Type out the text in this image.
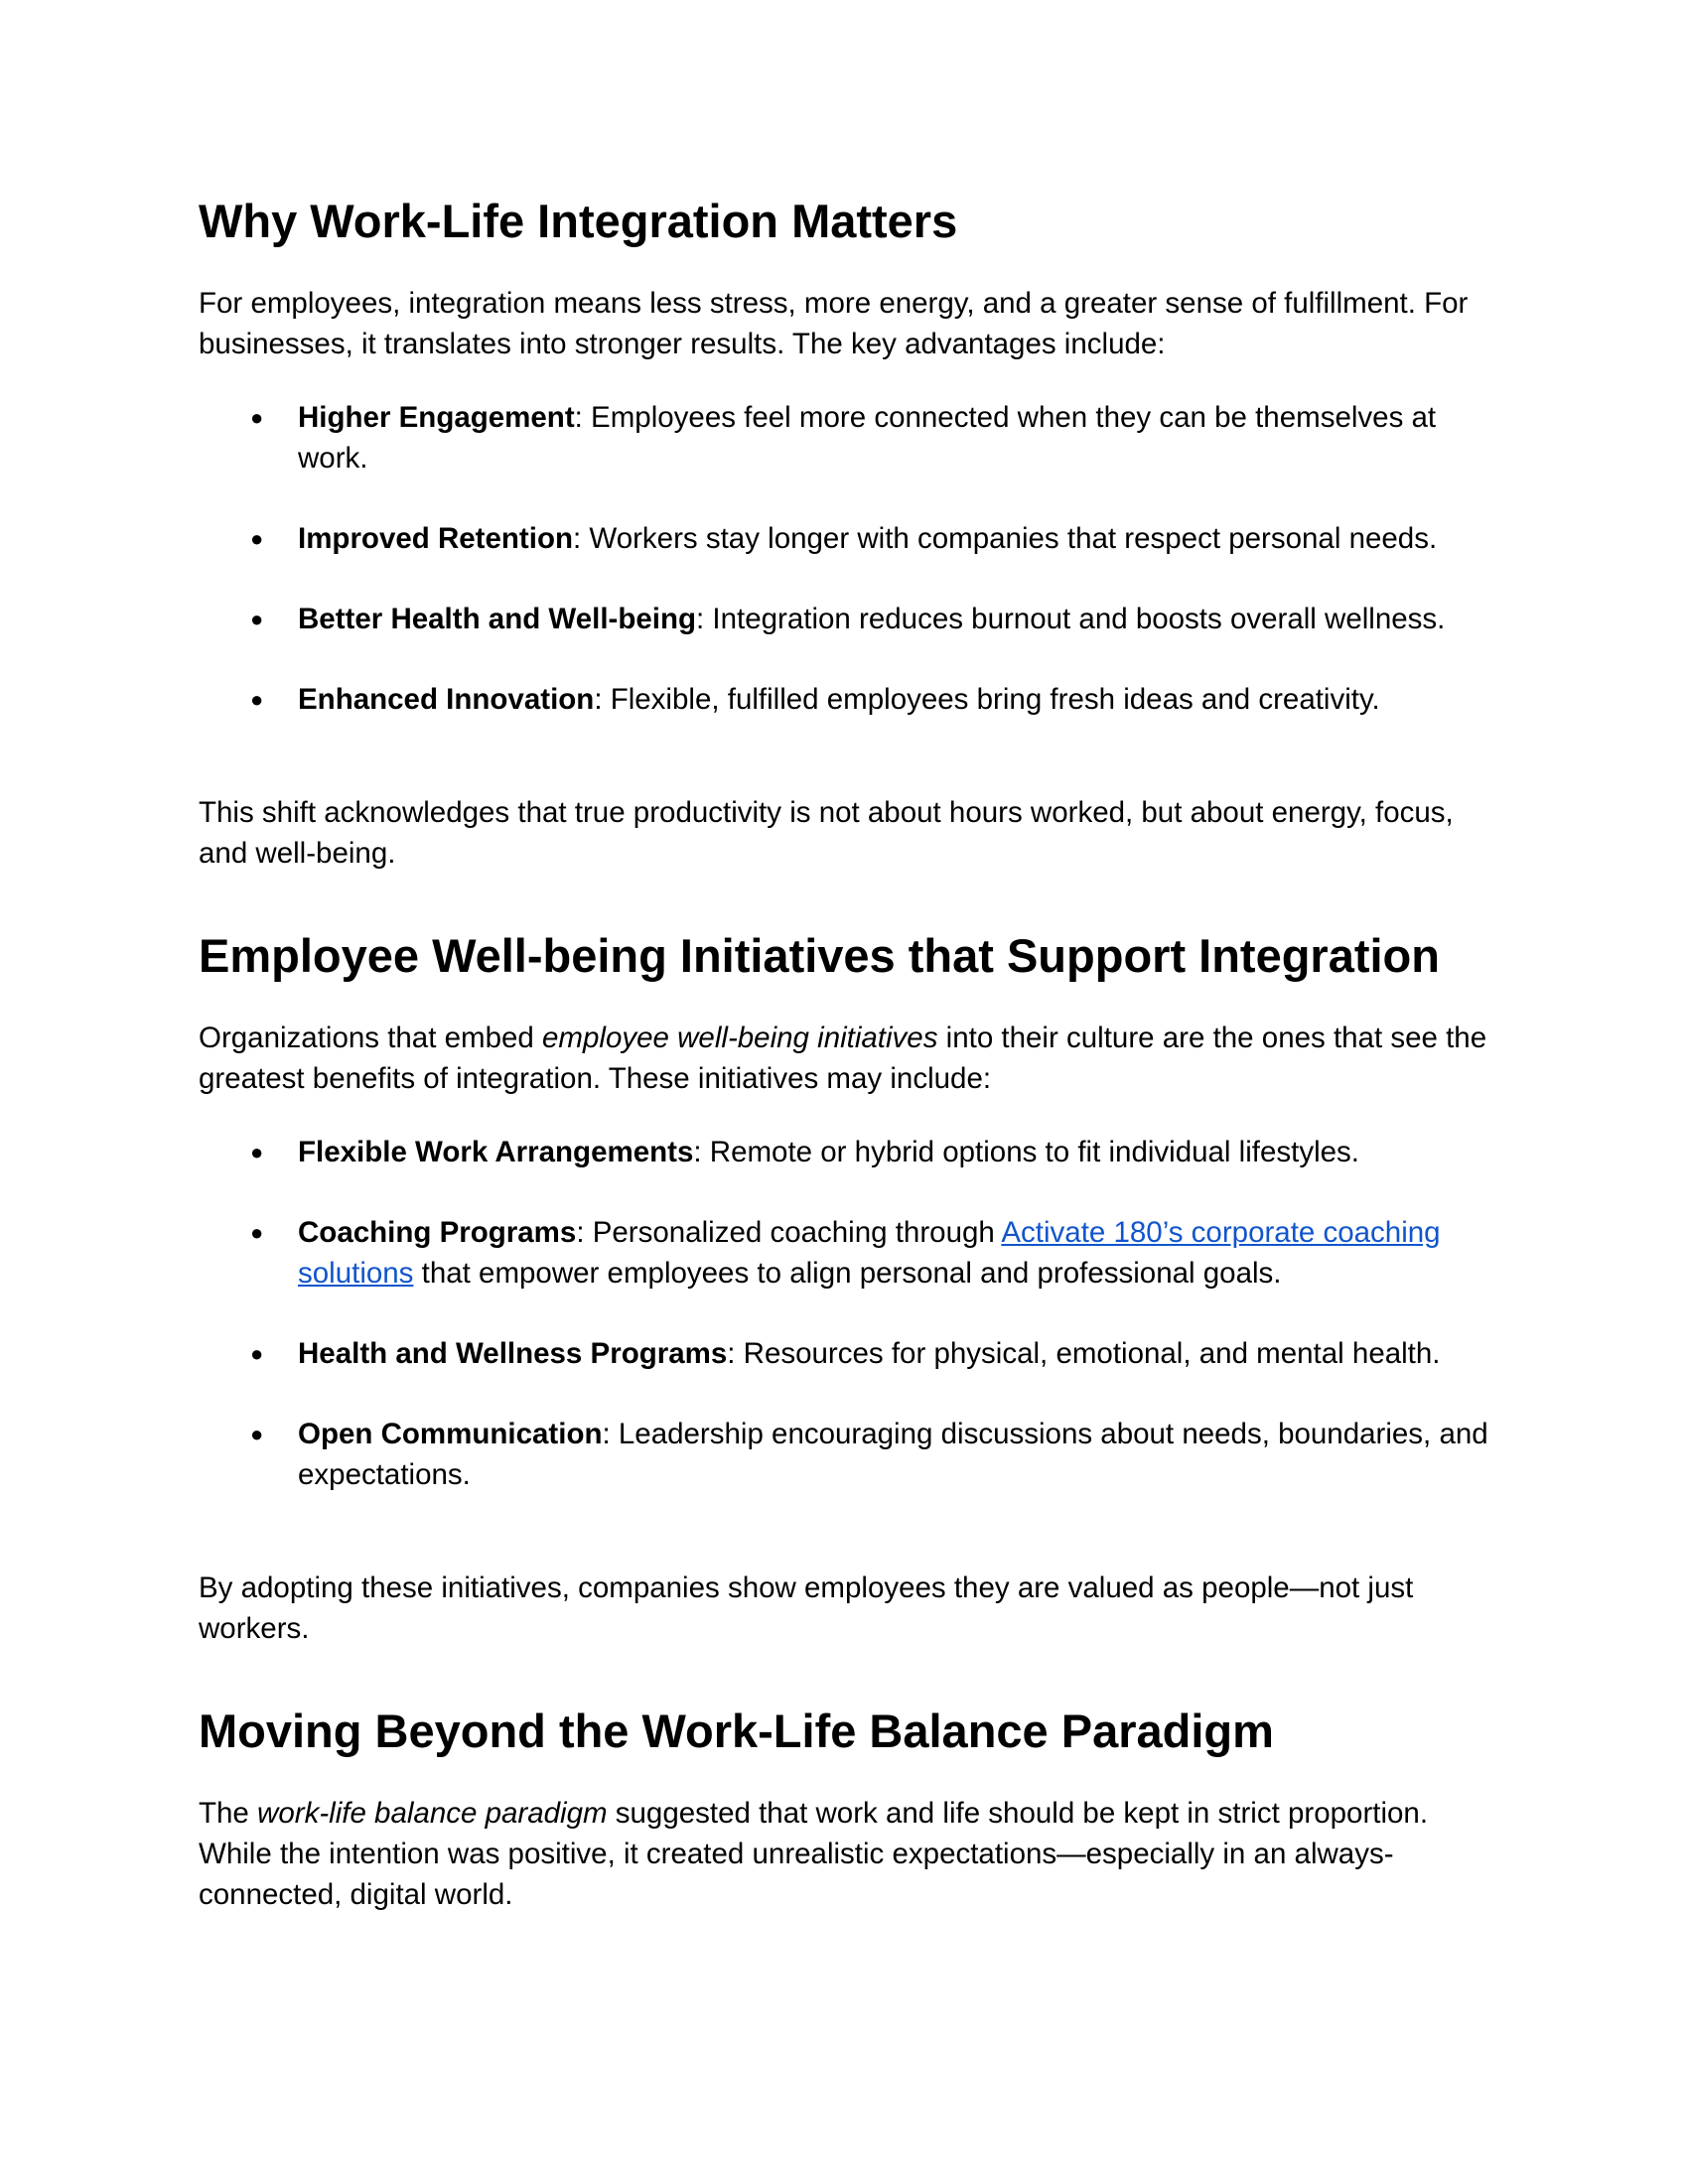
Why Work-Life Integration Matters

For employees, integration means less stress, more energy, and a greater sense of fulfillment. For businesses, it translates into stronger results. The key advantages include:

● Higher Engagement: Employees feel more connected when they can be themselves at work.
● Improved Retention: Workers stay longer with companies that respect personal needs.
● Better Health and Well-being: Integration reduces burnout and boosts overall wellness.
● Enhanced Innovation: Flexible, fulfilled employees bring fresh ideas and creativity.

This shift acknowledges that true productivity is not about hours worked, but about energy, focus, and well-being.

Employee Well-being Initiatives that Support Integration

Organizations that embed employee well-being initiatives into their culture are the ones that see the greatest benefits of integration. These initiatives may include:

● Flexible Work Arrangements: Remote or hybrid options to fit individual lifestyles.
● Coaching Programs: Personalized coaching through Activate 180’s corporate coaching solutions that empower employees to align personal and professional goals.
● Health and Wellness Programs: Resources for physical, emotional, and mental health.
● Open Communication: Leadership encouraging discussions about needs, boundaries, and expectations.

By adopting these initiatives, companies show employees they are valued as people—not just workers.

Moving Beyond the Work-Life Balance Paradigm

The work-life balance paradigm suggested that work and life should be kept in strict proportion. While the intention was positive, it created unrealistic expectations—especially in an always-connected, digital world.
